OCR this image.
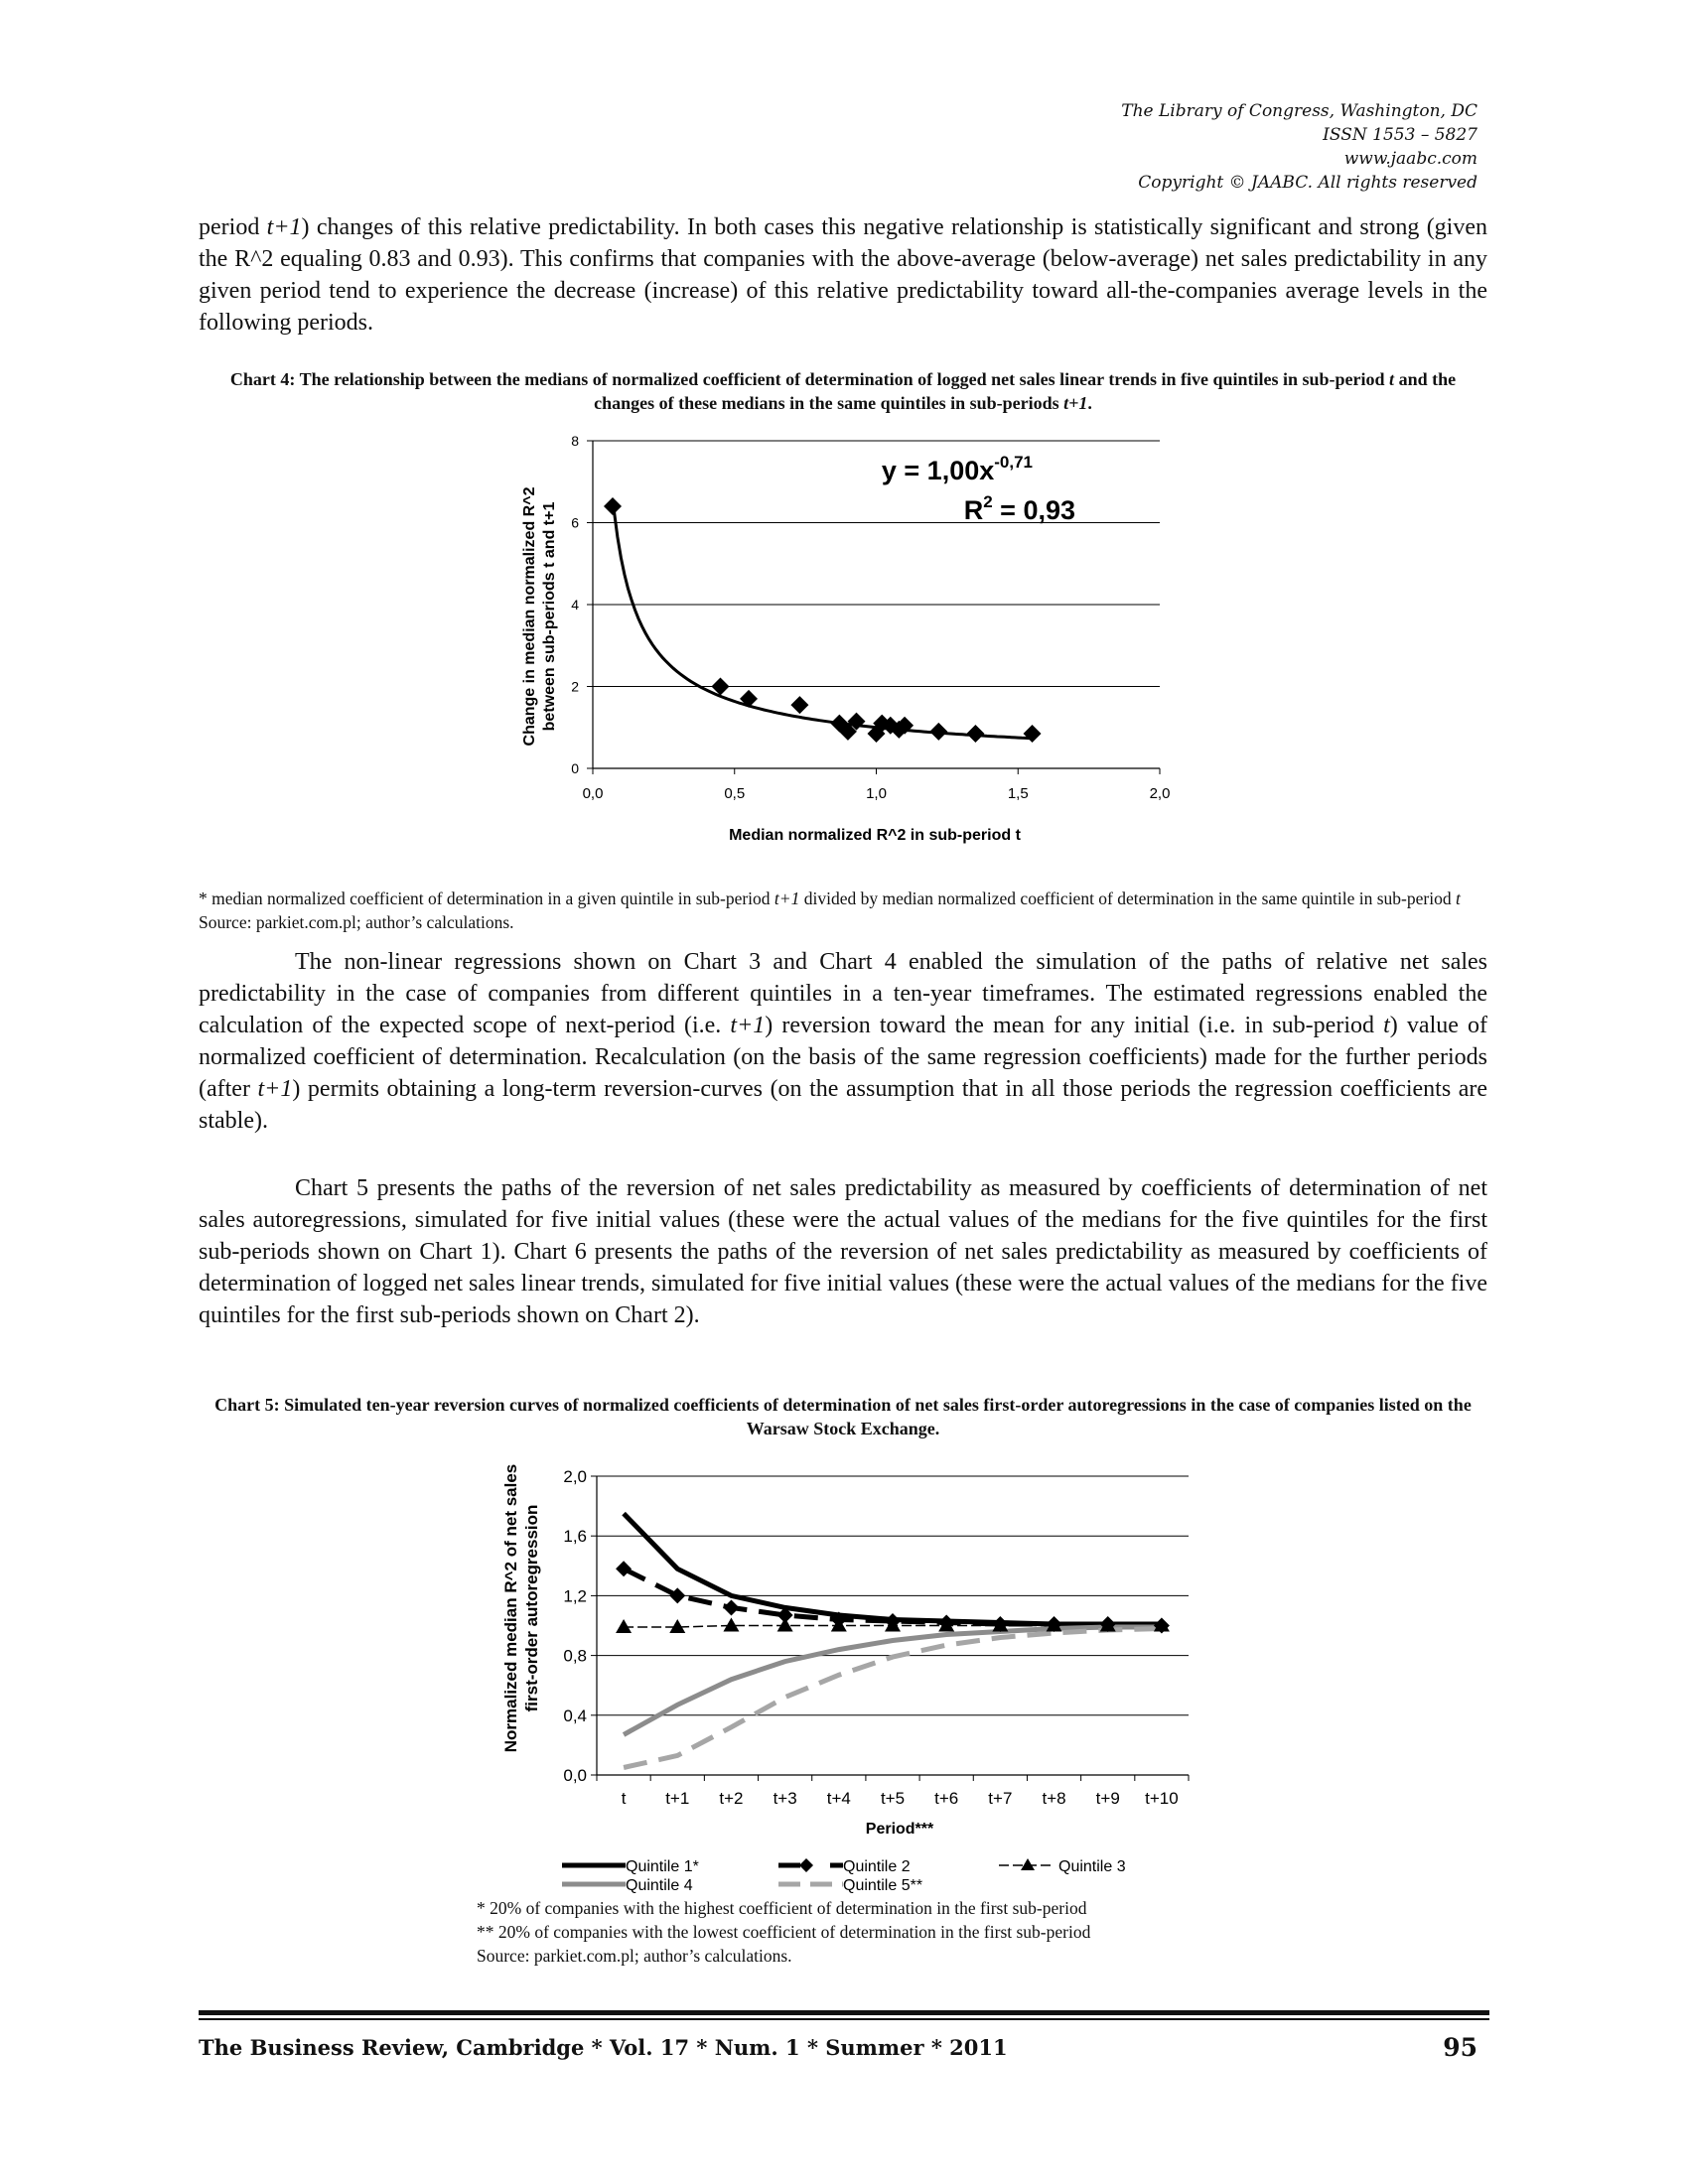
The Library of Congress, Washington, DC
ISSN 1553 – 5827
www.jaabc.com
Copyright © JAABC. All rights reserved

period t+1) changes of this relative predictability. In both cases this negative relationship is statistically significant and strong (given the R^2 equaling 0.83 and 0.93). This confirms that companies with the above-average (below-average) net sales predictability in any given period tend to experience the decrease (increase) of this relative predictability toward all-the-companies average levels in the following periods.

Chart 4: The relationship between the medians of normalized coefficient of determination of logged net sales linear trends in five quintiles in sub-period t and the changes of these medians in the same quintiles in sub-periods t+1.

0
2
4
6
8
0,0	0,5	1,0	1,5	2,0
Median normalized R^2 in sub-period t
Change in median normalized R^2 between sub-periods t and t+1
$y = 1,00x^{-0,71}$
$R^2 = 0,93$
0,0
0,4
0,8
1,2
1,6
2,0
t t+1 t+2 t+3 t+4 t+5 t+6 t+7 t+8 t+9 t+10
Period***
Normalized median R^2 of net sales first-order autoregression
Quintile 1*	Quintile 2	Quintile 3
Quintile 4	Quintile 5**

* median normalized coefficient of determination in a given quintile in sub-period t+1 divided by median normalized coefficient of determination in the same quintile in sub-period t Source: parkiet.com.pl; author’s calculations.

The non-linear regressions shown on Chart 3 and Chart 4 enabled the simulation of the paths of relative net sales predictability in the case of companies from different quintiles in a ten-year timeframes. The estimated regressions enabled the calculation of the expected scope of next-period (i.e. t+1) reversion toward the mean for any initial (i.e. in sub-period t) value of normalized coefficient of determination. Recalculation (on the basis of the same regression coefficients) made for the further periods (after t+1) permits obtaining a long-term reversion-curves (on the assumption that in all those periods the regression coefficients are stable).

Chart 5 presents the paths of the reversion of net sales predictability as measured by coefficients of determination of net sales autoregressions, simulated for five initial values (these were the actual values of the medians for the five quintiles for the first sub-periods shown on Chart 1). Chart 6 presents the paths of the reversion of net sales predictability as measured by coefficients of determination of logged net sales linear trends, simulated for five initial values (these were the actual values of the medians for the five quintiles for the first sub-periods shown on Chart 2).

Chart 5: Simulated ten-year reversion curves of normalized coefficients of determination of net sales first-order autoregressions in the case of companies listed on the Warsaw Stock Exchange.

* 20% of companies with the highest coefficient of determination in the first sub-period
** 20% of companies with the lowest coefficient of determination in the first sub-period
Source: parkiet.com.pl; author’s calculations.
The Business Review, Cambridge * Vol. 17 * Num. 1 * Summer * 2011	95
